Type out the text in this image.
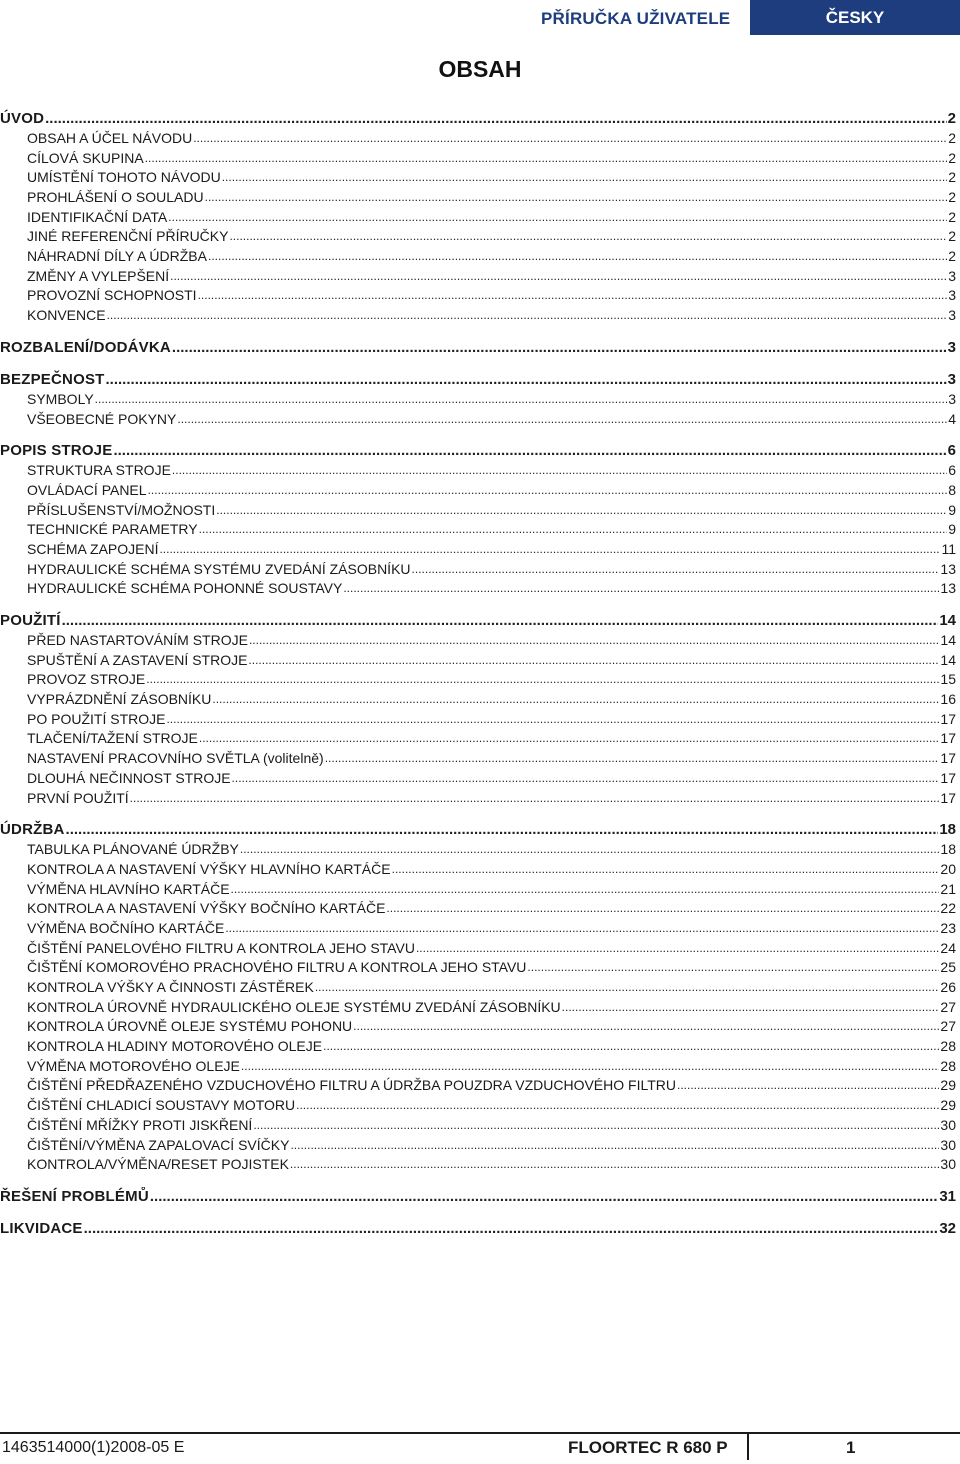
PŘÍRUČKA UŽIVATELE	ČESKY
OBSAH
ÚVOD .....	2
OBSAH A ÚČEL NÁVODU .....	2
CÍLOVÁ SKUPINA .....	2
UMÍSTĚNÍ TOHOTO NÁVODU .....	2
PROHLÁŠENÍ O SOULADU .....	2
IDENTIFIKAČNÍ DATA .....	2
JINÉ REFERENČNÍ PŘÍRUČKY .....	2
NÁHRADNÍ DÍLY A ÚDRŽBA .....	2
ZMĚNY A VYLEPŠENÍ .....	3
PROVOZNÍ SCHOPNOSTI .....	3
KONVENCE .....	3
ROZBALENÍ/DODÁVKA .....	3
BEZPEČNOST .....	3
SYMBOLY .....	3
VŠEOBECNÉ POKYNY .....	4
POPIS STROJE .....	6
STRUKTURA STROJE .....	6
OVLÁDACÍ PANEL .....	8
PŘÍSLUŠENSTVÍ/MOŽNOSTI .....	9
TECHNICKÉ PARAMETRY .....	9
SCHÉMA ZAPOJENÍ .....	11
HYDRAULICKÉ SCHÉMA SYSTÉMU ZVEDÁNÍ ZÁSOBNÍKU .....	13
HYDRAULICKÉ SCHÉMA POHONNÉ SOUSTAVY .....	13
POUŽITÍ .....	14
PŘED NASTARTOVÁNÍM STROJE .....	14
SPUŠTĚNÍ A ZASTAVENÍ STROJE .....	14
PROVOZ STROJE .....	15
VYPRÁZDNĚNÍ ZÁSOBNÍKU .....	16
PO POUŽITÍ STROJE .....	17
TLAČENÍ/TAŽENÍ STROJE .....	17
NASTAVENÍ PRACOVNÍHO SVĚTLA (volitelně) .....	17
DLOUHÁ NEČINNOST STROJE .....	17
PRVNÍ POUŽITÍ .....	17
ÚDRŽBA .....	18
TABULKA PLÁNOVANÉ ÚDRŽBY .....	18
KONTROLA A NASTAVENÍ VÝŠKY HLAVNÍHO KARTÁČE .....	20
VÝMĚNA HLAVNÍHO KARTÁČE .....	21
KONTROLA A NASTAVENÍ VÝŠKY BOČNÍHO KARTÁČE .....	22
VÝMĚNA BOČNÍHO KARTÁČE .....	23
ČIŠTĚNÍ PANELOVÉHO FILTRU A KONTROLA JEHO STAVU .....	24
ČIŠTĚNÍ KOMOROVÉHO PRACHOVÉHO FILTRU A KONTROLA JEHO STAVU .....	25
KONTROLA VÝŠKY A ČINNOSTI ZÁSTĚREK .....	26
KONTROLA ÚROVNĚ HYDRAULICKÉHO OLEJE SYSTÉMU ZVEDÁNÍ ZÁSOBNÍKU .....	27
KONTROLA ÚROVNĚ OLEJE SYSTÉMU POHONU .....	27
KONTROLA HLADINY MOTOROVÉHO OLEJE .....	28
VÝMĚNA MOTOROVÉHO OLEJE .....	28
ČIŠTĚNÍ PŘEDŘAZENÉHO VZDUCHOVÉHO FILTRU A ÚDRŽBA POUZDRA VZDUCHOVÉHO FILTRU .....	29
ČIŠTĚNÍ CHLADICÍ SOUSTAVY MOTORU .....	29
ČIŠTĚNÍ MŘÍŽKY PROTI JISKŘENÍ .....	30
ČIŠTĚNÍ/VÝMĚNA ZAPALOVACÍ SVÍČKY .....	30
KONTROLA/VÝMĚNA/RESET POJISTEK .....	30
ŘEŠENÍ PROBLÉMŮ .....	31
LIKVIDACE .....	32
1463514000(1)2008-05 E	FLOORTEC R 680 P	1
